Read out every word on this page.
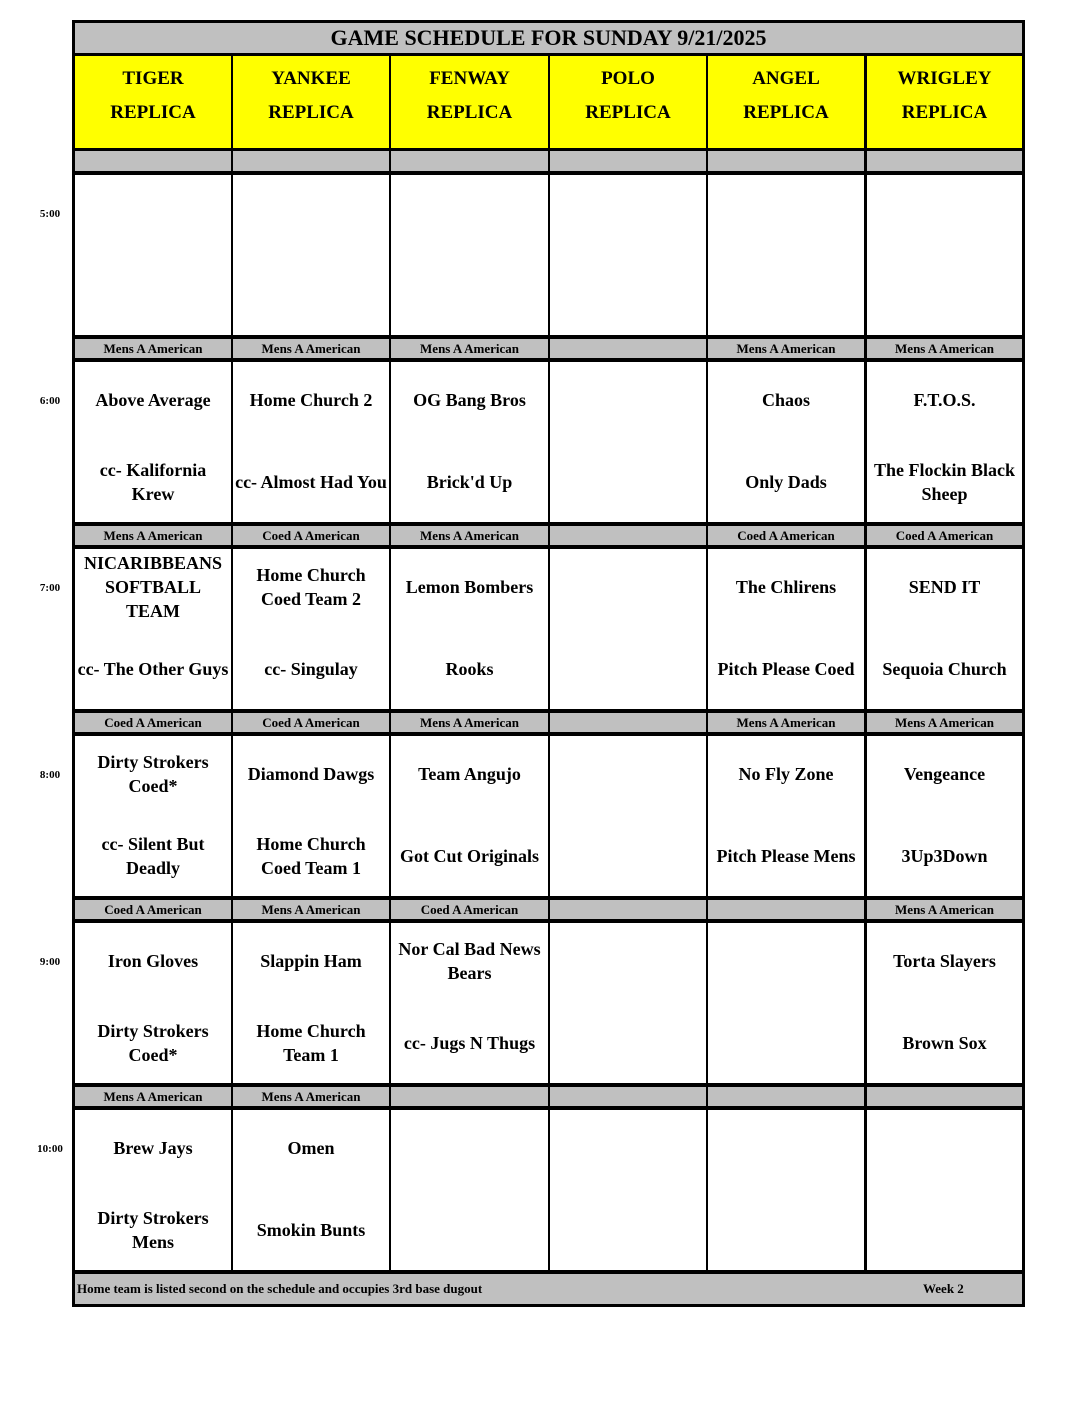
GAME SCHEDULE FOR SUNDAY 9/21/2025
TIGER
REPLICA
YANKEE
REPLICA
FENWAY
REPLICA
POLO
REPLICA
ANGEL
REPLICA
WRIGLEY
REPLICA
Mens A American
Above Average
cc- Kalifornia Krew
Mens A American
Home Church 2
cc- Almost Had You
Mens A American
OG Bang Bros
Brick'd Up
Mens A American
Chaos
Only Dads
Mens A American
F.T.O.S.
The Flockin Black Sheep
Mens A American
NICARIBBEANS SOFTBALL TEAM
cc- The Other Guys
Coed A American
Home Church Coed Team 2
cc- Singulay
Mens A American
Lemon Bombers
Rooks
Coed A American
The Chlirens
Pitch Please Coed
Coed A American
SEND IT
Sequoia Church
Coed A American
Dirty Strokers Coed*
cc- Silent But Deadly
Coed A American
Diamond Dawgs
Home Church Coed Team 1
Mens A American
Team Angujo
Got Cut Originals
Mens A American
No Fly Zone
Pitch Please Mens
Mens A American
Vengeance
3Up3Down
Coed A American
Iron Gloves
Dirty Strokers Coed*
Mens A American
Slappin Ham
Home Church Team 1
Coed A American
Nor Cal Bad News Bears
cc- Jugs N Thugs
Mens A American
Torta Slayers
Brown Sox
Mens A American
Brew Jays
Dirty Strokers Mens
Mens A American
Omen
Smokin Bunts
Home team is listed second on the schedule and occupies 3rd base dugout	Week 2
5:00
6:00
7:00
8:00
9:00
10:00
